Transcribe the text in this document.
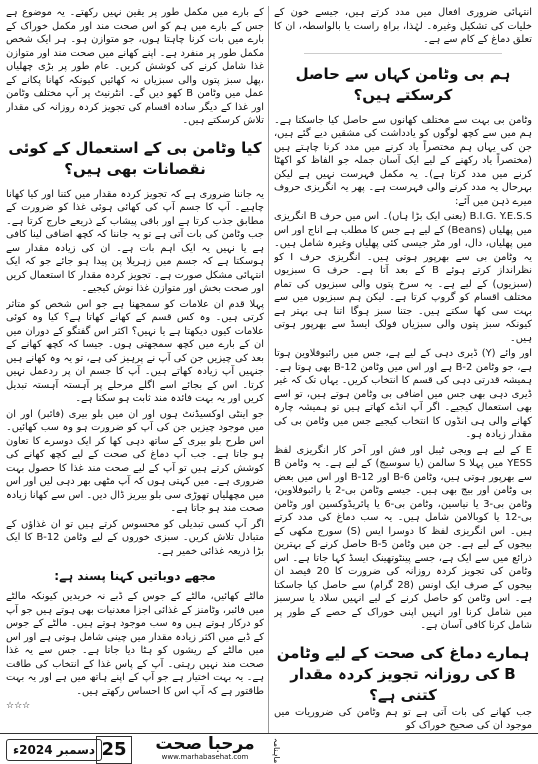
انتہائی ضروری افعال میں مدد کرتے ہیں، جیسے خون کے خلیات کی تشکیل وغیرہ۔ لہٰذا، براہِ راست یا بالواسطہ، ان کا تعلق دماغ کے کام سے ہے۔

ہم بی وٹامن کہاں سے حاصل کرسکتے ہیں؟

وٹامن بی بہت سے مختلف کھانوں سے حاصل کیا جاسکتا ہے۔ ہم میں سے کچھ لوگوں کو یادداشت کی مشقیں دیے گئے ہیں، جن کی یہاں ہم مختصراً یاد کرنے میں مدد کرنا چاہتے ہیں (مختصراً یاد رکھنے کے لیے ایک آسان جملہ جو الفاظ کو اکھٹا کرنے میں مدد کرتا ہے)۔ یہ مکمل فہرست نہیں ہے لیکن بہرحال یہ مدد کرنے والی فہرست ہے۔ پھر یہ انگریزی حروف میرے ذہن میں آئے:

B.I.G. Y.E.S.S (یعنی ایک بڑا ہاں)۔ اس میں حرف B انگریزی میں پھلیاں (Beans) کے لیے ہے جس کا مطلب ہے اناج اور اس میں پھلیاں، دال، اور مٹر جیسی کئی پھلیاں وغیرہ شامل ہیں۔ یہ وٹامن بی سے بھرپور ہوتی ہیں۔ انگریزی حرف I کو نظرانداز کرتے ہوئے B کے بعد آتا ہے۔ حرف G سبزیوں (سبزیوں) کے لیے ہے۔ یہ سرخ پتوں والی سبزیوں کی تمام مختلف اقسام کو گروپ کرتا ہے۔ لیکن ہم سبزیوں میں سے بہت سی کھا سکتے ہیں۔ جتنا سبز ہوگا اتنا ہی بہتر ہے کیونکہ سبز پتوں والی سبزیاں فولک ایسڈ سے بھرپور ہوتی ہیں۔

اور وائے (Y) ڈیری دہی کے لیے ہے، جس میں رائبوفلاوین ہوتا ہے، جو وٹامن B-2 ہے اور اس میں وٹامن B-12 بھی ہوتا ہے۔ ہمیشہ قدرتی دہی کی قسم کا انتخاب کریں۔ یہاں تک کہ غیر ڈیری دہی بھی جس میں اضافی بی وٹامن ہوتے ہیں، تو اسے بھی استعمال کیجیے۔ اگر آپ انڈے کھاتے ہیں تو ہمیشہ چارہ کھانے والی ہی انڈوں کا انتخاب کیجیے جس میں وٹامن بی کی مقدار زیادہ ہو۔

E کے لیے ہے ویجی ٹیبل اور فش اور آخر کار انگریزی لفظ YESS میں پہلا S سالمن (یا سوسیج) کے لیے ہے۔ یہ وٹامن B سے بھرپور ہوتی ہیں، وٹامن B-6 اور B-12 اور اس میں بعض بی وٹامن اور بیج بھی ہیں۔ جیسے وٹامن بی-2 یا رائبوفلاوین، وٹامن بی-3 یا نیاسین، وٹامن بی-6 یا پائریڈوکسین اور وٹامن بی-12 یا کوبالامن شامل ہیں۔ یہ سب دماغ کی مدد کرتے ہیں۔ اس انگریزی لفظ کا دوسرا ایس (S) سورج مکھی کے بیجوں کے لیے ہے۔ جن میں وٹامن B-5 حاصل کرنے کے بہترین ذرائع میں سے ایک ہے، جسے پینٹوتھینک ایسڈ کہا جاتا ہے۔ اس وٹامن کی تجویز کردہ روزانہ کی ضرورت کا 20 فیصد ان بیجوں کے صرف ایک اونس (28 گرام) سے حاصل کیا جاسکتا ہے۔ اس وٹامن کو حاصل کرنے کے لیے انہیں سلاد یا سرسبز میں شامل کرنا اور انہیں اپنی خوراک کے حصے کے طور پر شامل کرنا کافی آسان ہے۔

ہمارے دماغ کی صحت کے لیے وٹامن B کی روزانہ تجویز کردہ مقدار کتنی ہے؟
جب کھانے کی بات آتی ہے تو ہم وٹامن کی ضروریات میں موجود ان کی صحیح خوراک کو

کے بارے میں مکمل طور پر یقین نہیں رکھتے۔ یہ موضوع ہے جس کے بارے میں ہم کو اس صحت مند اور مکمل خوراک کے بارے میں بات کرنا چاہتا ہوں، جو متوازن ہو۔ ہر ایک شخص مکمل طور پر منفرد ہے۔ اپنے کھانے میں صحت مند اور متوازن غذا شامل کرنے کی کوشش کریں۔ عام طور پر بڑی چھلیاں ،پھل سبز پتوں والی سبزیاں نہ کھائیں کیونکہ کھانا پکانے کے عمل میں وٹامن B کھو دیں گے۔ انٹرنیٹ پر آپ مختلف وٹامن اور غذا کے دیگر سادہ اقسام کی تجویز کردہ روزانہ کی مقدار تلاش کرسکتے ہیں۔

کیا وٹامن بی کے استعمال کے کوئی نقصانات بھی ہیں؟

یہ جاننا ضروری ہے کہ تجویز کردہ مقدار میں کتنا اور کیا کھانا چاہیے۔ آپ کا جسم آپ کی کھائی ہوئی غذا کو ضرورت کے مطابق جذب کرتا ہے اور باقی پیشاب کے ذریعے خارج کرتا ہے۔ جب وٹامن کی بات آتی ہے تو یہ جاننا کہ کچھ اضافی لینا کافی ہے یا نہیں یہ ایک اہم بات ہے۔ ان کی زیادہ مقدار سے ہوسکتا ہے کہ جسم میں زہریلا پن پیدا ہو جائے جو کہ ایک انتہائی مشکل صورت ہے۔ تجویز کردہ مقدار کا استعمال کریں اور صحت بخش اور متوازن غذا نوش کیجیے۔

پہلا قدم ان علامات کو سمجھنا ہے جو اس شخص کو متاثر کرتی ہیں۔ وہ کس قسم کے کھانے کھاتا ہے؟ کیا وہ کوئی علامات کیوں دیکھتا ہے یا نہیں؟ اکثر اس گفتگو کے دوران میں ان کے بارے میں کچھ سمجھتی ہوں۔ جیسا کہ کچھ کھانے کے بعد کی چیزیں جن کی آپ نے پرہیز کی ہے، تو یہ وہ کھانے ہیں جنہیں آپ زیادہ کھاتے ہیں۔ آپ کا جسم ان پر ردعمل نہیں کرتا۔ اس کے بجائے اسے اگلے مرحلے پر آہستہ آہستہ تبدیل کریں اور یہ بہت فائدہ مند ثابت ہو سکتا ہے۔

جو اینٹی اوکسیڈنٹ ہوں اور ان میں بلو بیری (فائبر) اور ان میں موجود چیزیں جن کی آپ کو ضرورت ہو وہ سب کھائیں۔ اس طرح بلو بیری کے ساتھ دہی کھا کر ایک دوسرے کا تعاون ہو جاتا ہے۔ جب آپ دماغ کی صحت کے لیے کچھ کھانے کی کوشش کرتے ہیں تو آپ کے لیے صحت مند غذا کا حصول بہت ضروری ہے۔ میں کہتی ہوں کہ آپ مٹھی بھر دہی لیں اور اس میں مچھلیاں تھوڑی سی بلو بیریز ڈال دیں۔ اس سے کھانا زیادہ صحت مند ہو جاتا ہے۔

اگر آپ کسی تبدیلی کو محسوس کرتے ہیں تو ان غذاؤں کے متبادل تلاش کریں۔ سبزی خوروں کے لیے وٹامن B-12 کا ایک بڑا ذریعہ غذائی خمیر ہے۔

مجھے دوباتیں کہنا پسند ہے:

مالٹے کھائیں، مالٹے کے جوس کے ڈبے نہ خریدیں کیونکہ مالٹے میں فائبر، وٹامنز کے غذائی اجزا معدنیات بھی ہوتے ہیں جو آپ کو درکار ہوتے ہیں وہ سب موجود ہوتے ہیں۔ مالٹے کے جوس کے ڈبے میں اکثر زیادہ مقدار میں چینی شامل ہوتی ہے اور اس میں مالٹے کے ریشوں کو ہٹا دیا جاتا ہے۔ جس سے یہ غذا صحت مند نہیں رہتی۔ آپ کے پاس غذا کے انتخاب کی طاقت ہے۔ یہ بہت اختیار ہے جو آپ کے اپنے ہاتھ میں ہے اور یہ بہت طاقتور ہے کہ آپ اس کا احساس رکھتے ہیں۔

☆☆☆
دسمبر 2024ء 25	مرحبا صحت
www.marhabasehat.com	ماہنامہ
